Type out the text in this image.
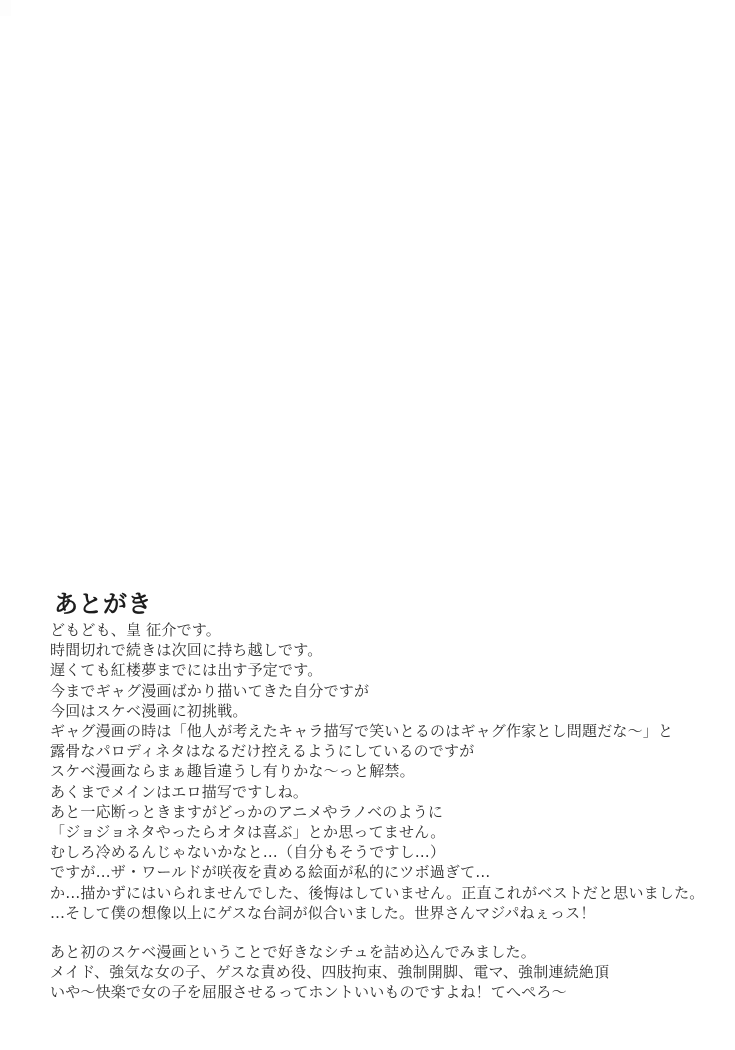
あとがき
どもども、皇 征介です。
時間切れで続きは次回に持ち越しです。
遅くても紅楼夢までには出す予定です。
今までギャグ漫画ばかり描いてきた自分ですが
今回はスケベ漫画に初挑戦。
ギャグ漫画の時は「他人が考えたキャラ描写で笑いとるのはギャグ作家とし問題だな～」と
露骨なパロディネタはなるだけ控えるようにしているのですが
スケベ漫画ならまぁ趣旨違うし有りかな～っと解禁。
あくまでメインはエロ描写ですしね。
あと一応断っときますがどっかのアニメやラノベのように
「ジョジョネタやったらオタは喜ぶ」とか思ってません。
むしろ冷めるんじゃないかなと…（自分もそうですし…）
ですが…ザ・ワールドが咲夜を責める絵面が私的にツボ過ぎて…
か…描かずにはいられませんでした、後悔はしていません。正直これがベストだと思いました。
…そして僕の想像以上にゲスな台詞が似合いました。世界さんマジパねぇっス！
あと初のスケベ漫画ということで好きなシチュを詰め込んでみました。
メイド、強気な女の子、ゲスな責め役、四肢拘束、強制開脚、電マ、強制連続絶頂
いや～快楽で女の子を屈服させるってホントいいものですよね！てへぺろ～
